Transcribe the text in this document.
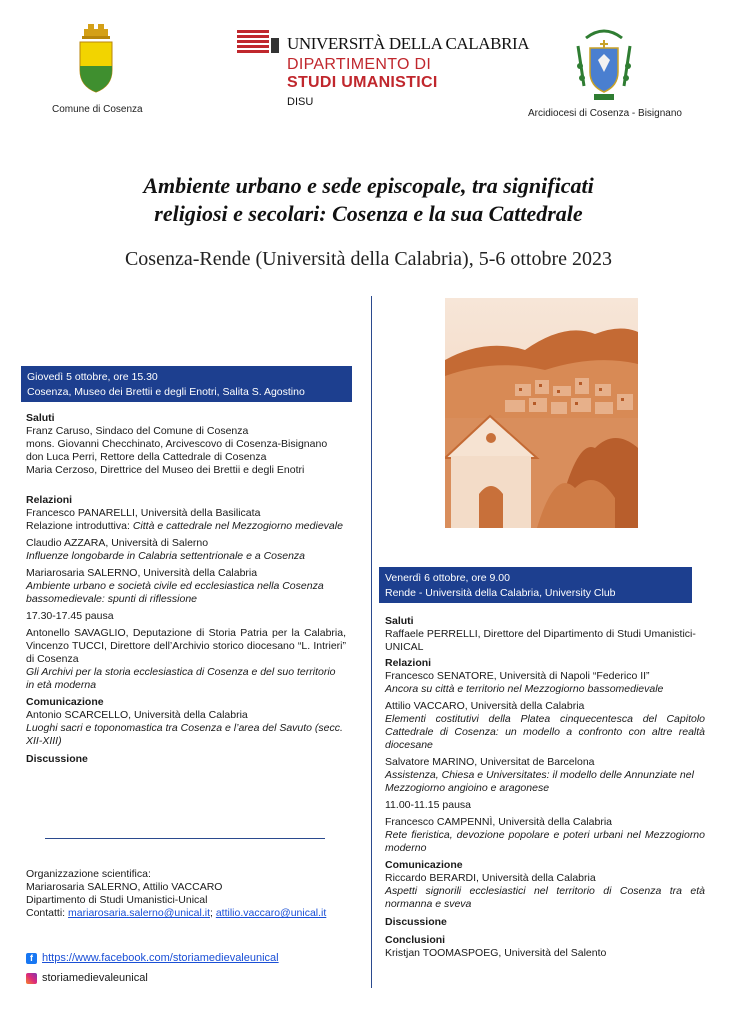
Comune di Cosenza
UNIVERSITÀ DELLA CALABRIA
DIPARTIMENTO DI
STUDI UMANISTICI
DISU
Arcidiocesi di Cosenza - Bisignano
Ambiente urbano e sede episcopale, tra significati
religiosi e secolari: Cosenza e la sua Cattedrale
Cosenza-Rende (Università della Calabria), 5-6 ottobre 2023
Giovedì 5 ottobre, ore 15.30
Cosenza, Museo dei Brettii e degli Enotri, Salita S. Agostino
Saluti
Franz Caruso, Sindaco del Comune di Cosenza
mons. Giovanni Checchinato, Arcivescovo di Cosenza-Bisignano
don Luca Perri, Rettore della Cattedrale di Cosenza
Maria Cerzoso, Direttrice del Museo dei Brettii e degli Enotri
Relazioni
Francesco PANARELLI, Università della Basilicata
Relazione introduttiva: Città e cattedrale nel Mezzogiorno medievale
Claudio AZZARA, Università di Salerno
Influenze longobarde in Calabria settentrionale e a Cosenza
Mariarosaria SALERNO, Università della Calabria
Ambiente urbano e società civile ed ecclesiastica nella Cosenza bassomedievale: spunti di riflessione
17.30-17.45 pausa
Antonello SAVAGLIO, Deputazione di Storia Patria per la Calabria, Vincenzo TUCCI, Direttore dell’Archivio storico diocesano “L. Intrieri” di Cosenza
Gli Archivi per la storia ecclesiastica di Cosenza e del suo territorio in età moderna
Comunicazione
Antonio SCARCELLO, Università della Calabria
Luoghi sacri e toponomastica tra Cosenza e l’area del Savuto (secc. XII-XIII)
Discussione
Venerdì 6 ottobre, ore 9.00
Rende - Università della Calabria, University Club
Saluti
Raffaele PERRELLI, Direttore del Dipartimento di Studi Umanistici-UNICAL
Relazioni
Francesco SENATORE, Università di Napoli “Federico II”
Ancora su città e territorio nel Mezzogiorno bassomedievale
Attilio VACCARO, Università della Calabria
Elementi costitutivi della Platea cinquecentesca del Capitolo Cattedrale di Cosenza: un modello a confronto con altre realtà diocesane
Salvatore MARINO, Universitat de Barcelona
Assistenza, Chiesa e Universitates: il modello delle Annunziate nel Mezzogiorno angioino e aragonese
11.00-11.15 pausa
Francesco CAMPENNÌ, Università della Calabria
Rete fieristica, devozione popolare e poteri urbani nel Mezzogiorno moderno
Comunicazione
Riccardo BERARDI, Università della Calabria
Aspetti signorili ecclesiastici nel territorio di Cosenza tra età normanna e sveva
Discussione
Conclusioni
Kristjan TOOMASPOEG, Università del Salento
Organizzazione scientifica:
Mariarosaria SALERNO, Attilio VACCARO
Dipartimento di Studi Umanistici-Unical
Contatti: mariarosaria.salerno@unical.it; attilio.vaccaro@unical.it
f https://www.facebook.com/storiamedievaleunical
storiamedievaleunical
